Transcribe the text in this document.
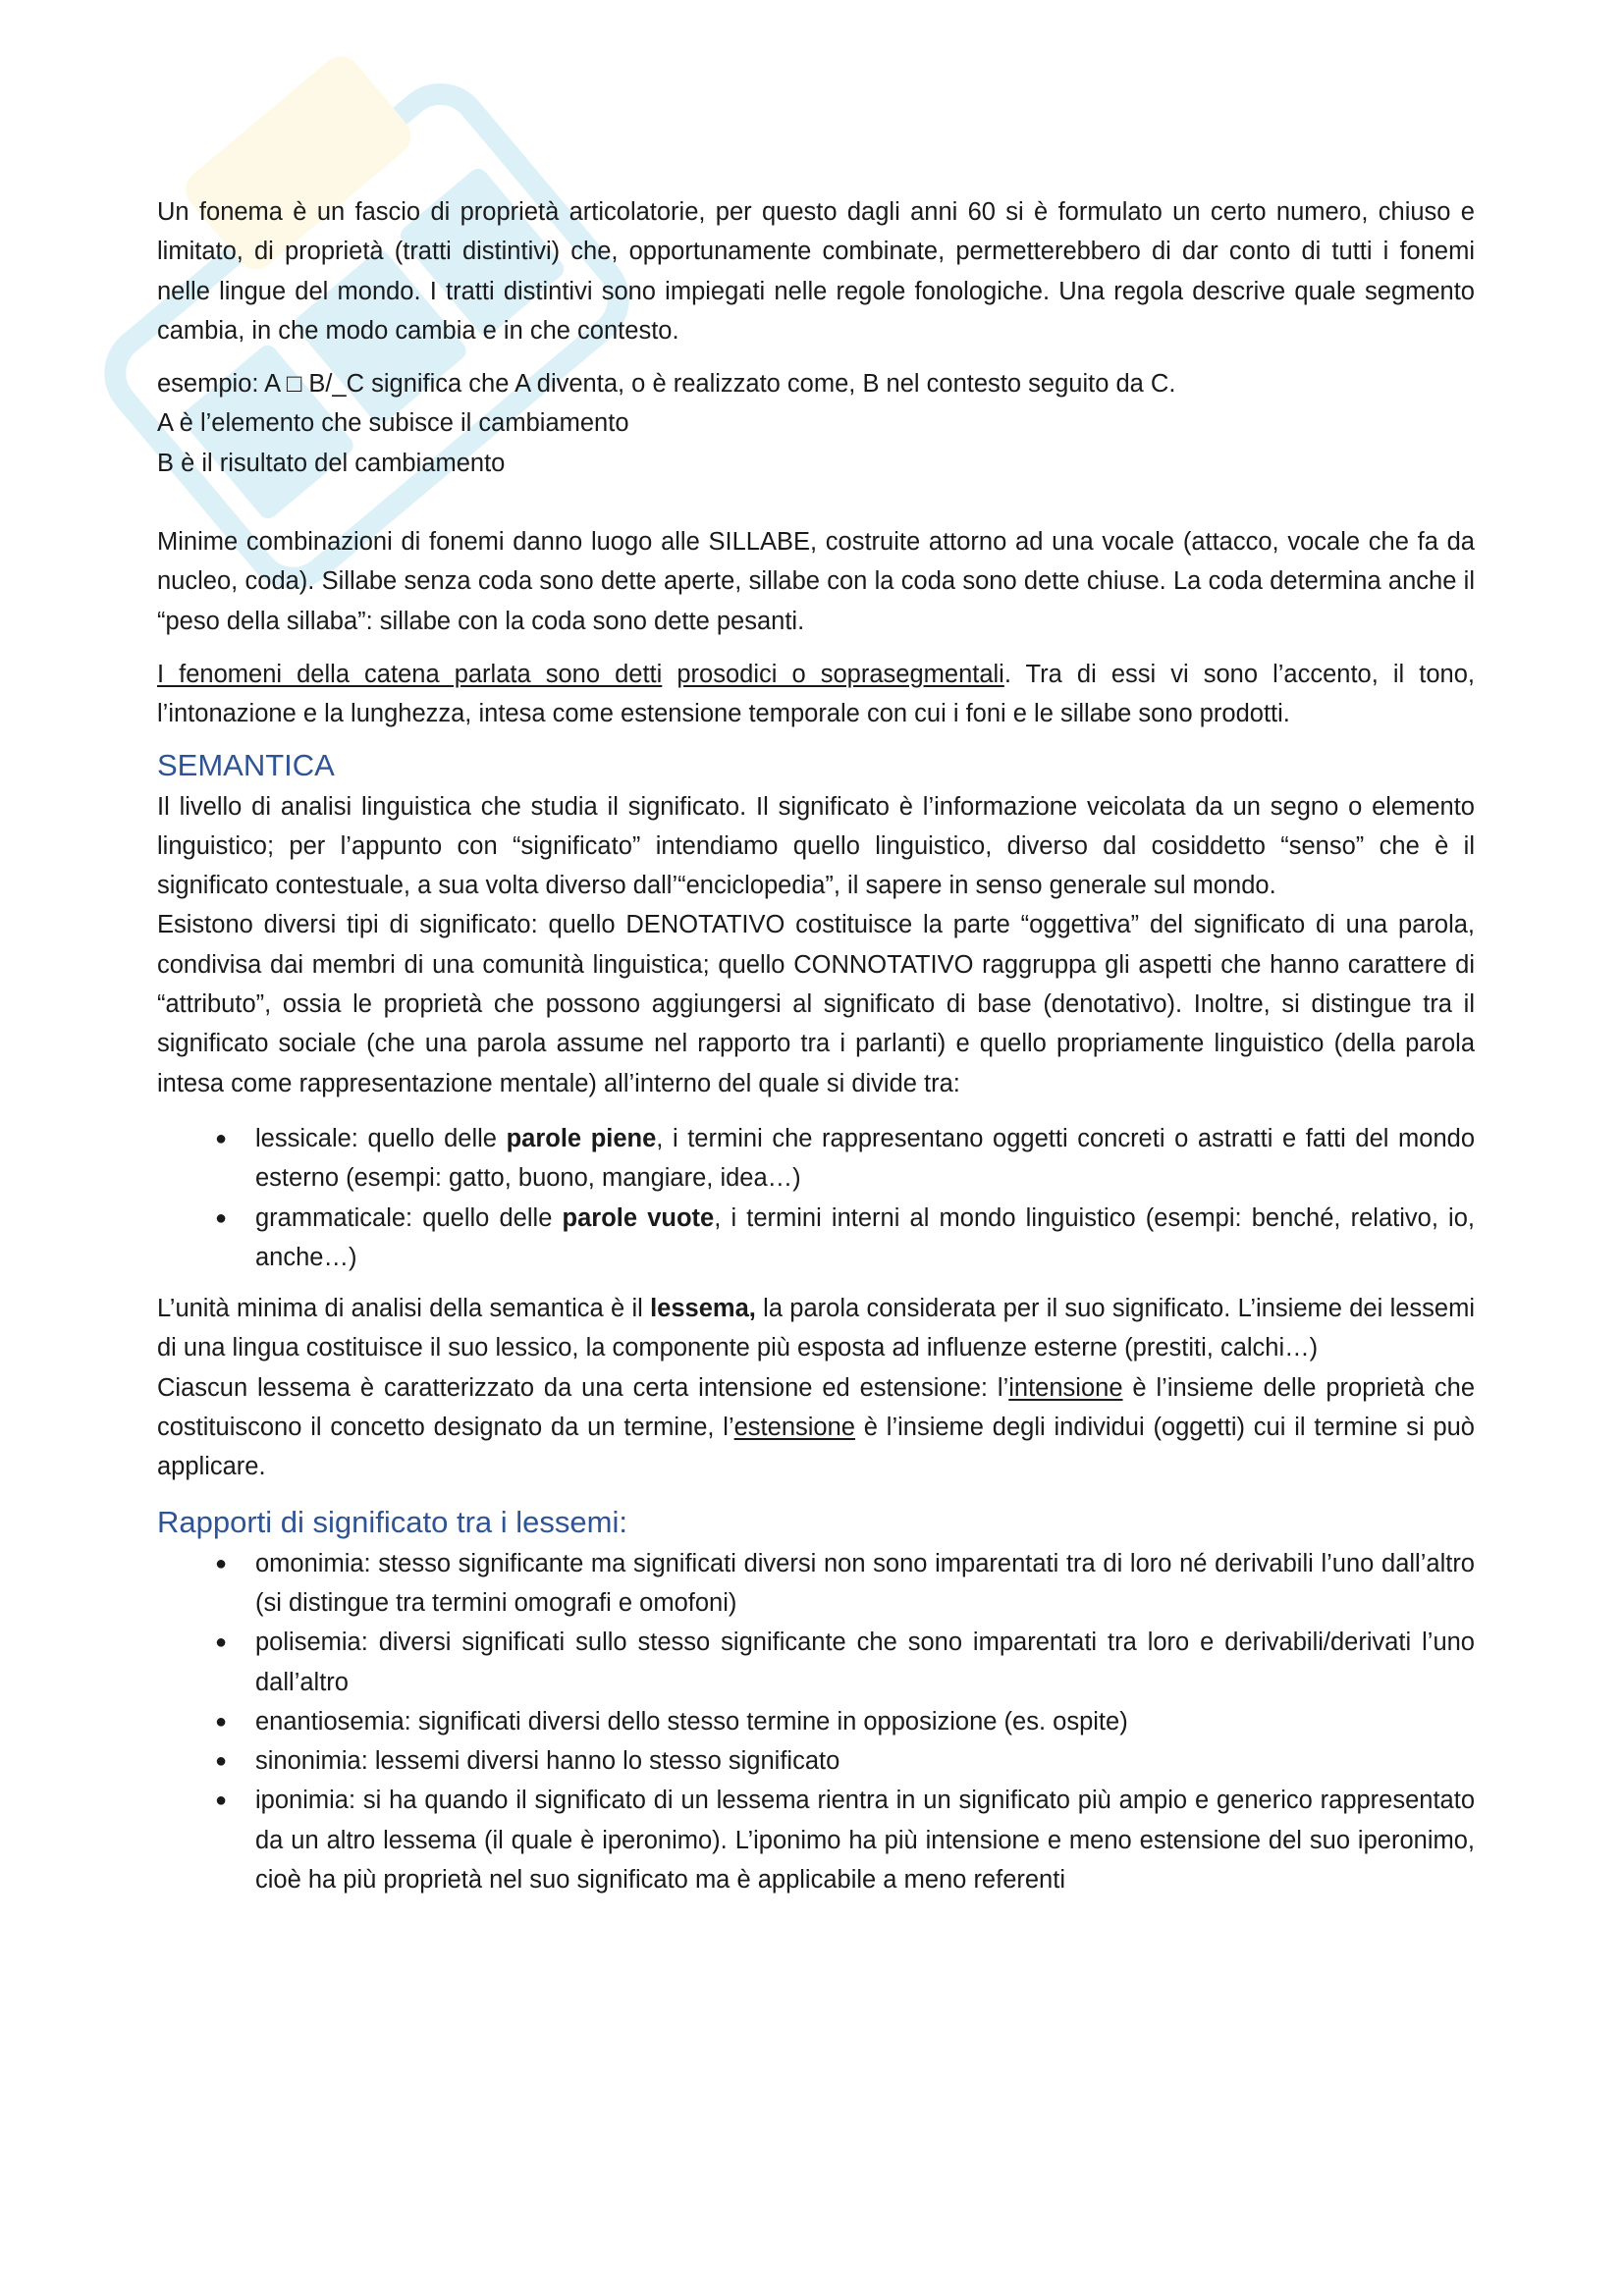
Un fonema è un fascio di proprietà articolatorie, per questo dagli anni 60 si è formulato un certo numero, chiuso e limitato, di proprietà (tratti distintivi) che, opportunamente combinate, permetterebbero di dar conto di tutti i fonemi nelle lingue del mondo. I tratti distintivi sono impiegati nelle regole fonologiche. Una regola descrive quale segmento cambia, in che modo cambia e in che contesto.

esempio: A □ B/_C significa che A diventa, o è realizzato come, B nel contesto seguito da C.

A è l’elemento che subisce il cambiamento

B è il risultato del cambiamento

Minime combinazioni di fonemi danno luogo alle SILLABE, costruite attorno ad una vocale (attacco, vocale che fa da nucleo, coda). Sillabe senza coda sono dette aperte, sillabe con la coda sono dette chiuse. La coda determina anche il “peso della sillaba”: sillabe con la coda sono dette pesanti.

I fenomeni della catena parlata sono detti prosodici o soprasegmentali. Tra di essi vi sono l’accento, il tono, l’intonazione e la lunghezza, intesa come estensione temporale con cui i foni e le sillabe sono prodotti.

SEMANTICA

Il livello di analisi linguistica che studia il significato. Il significato è l’informazione veicolata da un segno o elemento linguistico; per l’appunto con “significato” intendiamo quello linguistico, diverso dal cosiddetto “senso” che è il significato contestuale, a sua volta diverso dall’“enciclopedia”, il sapere in senso generale sul mondo.

Esistono diversi tipi di significato: quello DENOTATIVO costituisce la parte “oggettiva” del significato di una parola, condivisa dai membri di una comunità linguistica; quello CONNOTATIVO raggruppa gli aspetti che hanno carattere di “attributo”, ossia le proprietà che possono aggiungersi al significato di base (denotativo). Inoltre, si distingue tra il significato sociale (che una parola assume nel rapporto tra i parlanti) e quello propriamente linguistico (della parola intesa come rappresentazione mentale) all’interno del quale si divide tra:

●	lessicale: quello delle parole piene, i termini che rappresentano oggetti concreti o astratti e fatti del mondo esterno (esempi: gatto, buono, mangiare, idea…)
●	grammaticale: quello delle parole vuote, i termini interni al mondo linguistico (esempi: benché, relativo, io, anche…)

L’unità minima di analisi della semantica è il lessema, la parola considerata per il suo significato. L’insieme dei lessemi di una lingua costituisce il suo lessico, la componente più esposta ad influenze esterne (prestiti, calchi…)

Ciascun lessema è caratterizzato da una certa intensione ed estensione: l’intensione è l’insieme delle proprietà che costituiscono il concetto designato da un termine, l’estensione è l’insieme degli individui (oggetti) cui il termine si può applicare.

Rapporti di significato tra i lessemi:
●	omonimia: stesso significante ma significati diversi non sono imparentati tra di loro né derivabili l’uno dall’altro (si distingue tra termini omografi e omofoni)
●	polisemia: diversi significati sullo stesso significante che sono imparentati tra loro e derivabili/derivati l’uno dall’altro
●	enantiosemia: significati diversi dello stesso termine in opposizione (es. ospite)
●	sinonimia: lessemi diversi hanno lo stesso significato
●	iponimia: si ha quando il significato di un lessema rientra in un significato più ampio e generico rappresentato da un altro lessema (il quale è iperonimo). L’iponimo ha più intensione e meno estensione del suo iperonimo, cioè ha più proprietà nel suo significato ma è applicabile a meno referenti
